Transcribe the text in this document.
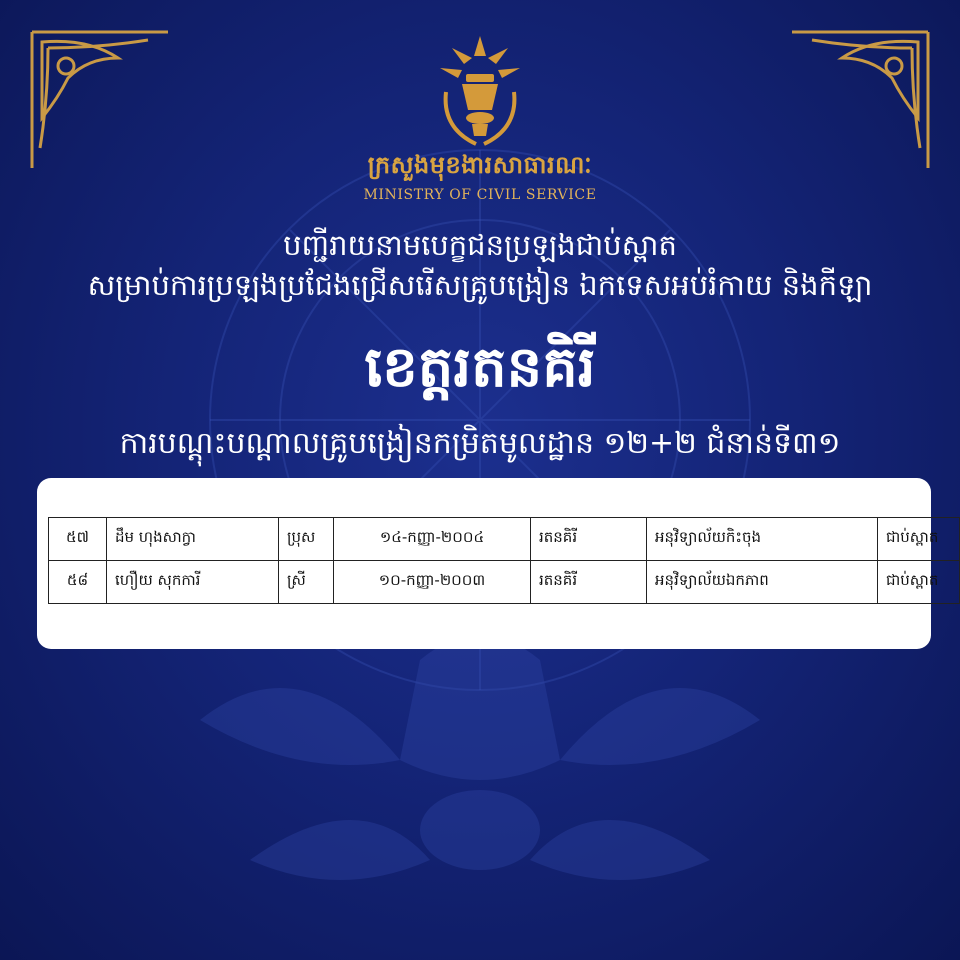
ក្រសួងមុខងារសាធារណៈ
MINISTRY OF CIVIL SERVICE
បញ្ជីរាយនាមបេក្ខជនប្រឡងជាប់ស្ពាត
សម្រាប់ការប្រឡងប្រជែងជ្រើសរើសគ្រូបង្រៀន ឯកទេសអប់រំកាយ និងកីឡា
ខេត្តរតនគិរី
ការបណ្តុះបណ្តាលគ្រូបង្រៀនកម្រិតមូលដ្ឋាន ១២+២ ជំនាន់ទី៣១
៥៧	ដឹម ហុងសាក្វា	ប្រុស	១៤-កញ្ញា-២០០៤	រតនគិរី	អនុវិទ្យាល័យកិះចុង	ជាប់ស្ពាត
៥៨	ហឿយ សុកការី	ស្រី	១០-កញ្ញា-២០០៣	រតនគិរី	អនុវិទ្យាល័យឯកភាព	ជាប់ស្ពាត
